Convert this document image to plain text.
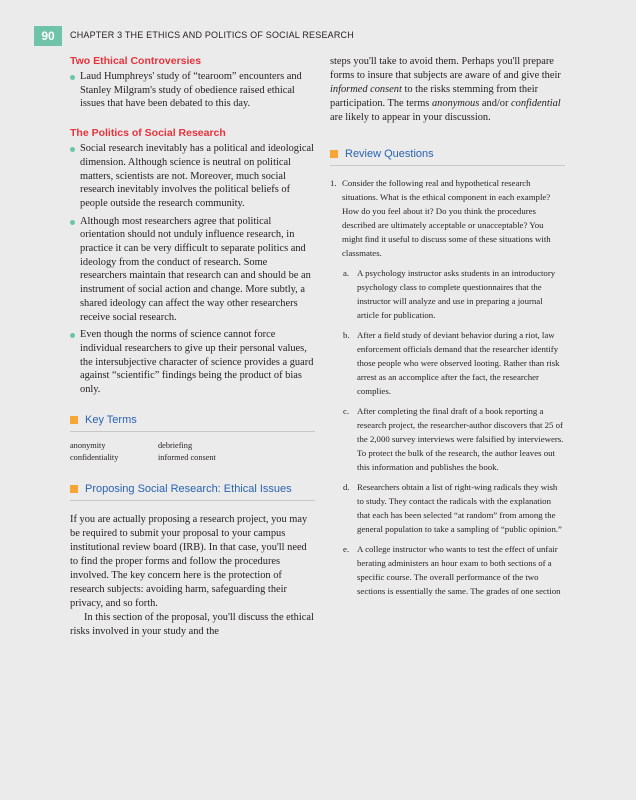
90	CHAPTER 3 THE ETHICS AND POLITICS OF SOCIAL RESEARCH

Two Ethical Controversies

Laud Humphreys' study of “tearoom” encounters and Stanley Milgram's study of obedience raised ethical issues that have been debated to this day.

The Politics of Social Research

Social research inevitably has a political and ideological dimension. Although science is neutral on political matters, scientists are not. Moreover, much social research inevitably involves the political beliefs of people outside the research community.

Although most researchers agree that political orientation should not unduly influence research, in practice it can be very difficult to separate politics and ideology from the conduct of research. Some researchers maintain that research can and should be an instrument of social action and change. More subtly, a shared ideology can affect the way other researchers receive social research.

Even though the norms of science cannot force individual researchers to give up their personal values, the intersubjective character of science provides a guard against “scientific” findings being the product of bias only.

Key Terms

anonymity	debriefing
confidentiality	informed consent

Proposing Social Research: Ethical Issues

If you are actually proposing a research project, you may be required to submit your proposal to your campus institutional review board (IRB). In that case, you'll need to find the proper forms and follow the procedures involved. The key concern here is the protection of research subjects: avoiding harm, safeguarding their privacy, and so forth.

In this section of the proposal, you'll discuss the ethical risks involved in your study and the

steps you'll take to avoid them. Perhaps you'll prepare forms to insure that subjects are aware of and give their informed consent to the risks stemming from their participation. The terms anonymous and/or confidential are likely to appear in your discussion.

Review Questions

1. Consider the following real and hypothetical research situations. What is the ethical component in each example? How do you feel about it? Do you think the procedures described are ultimately acceptable or unacceptable? You might find it useful to discuss some of these situations with classmates.

a. A psychology instructor asks students in an introductory psychology class to complete questionnaires that the instructor will analyze and use in preparing a journal article for publication.

b. After a field study of deviant behavior during a riot, law enforcement officials demand that the researcher identify those people who were observed looting. Rather than risk arrest as an accomplice after the fact, the researcher complies.

c. After completing the final draft of a book reporting a research project, the researcher-author discovers that 25 of the 2,000 survey interviews were falsified by interviewers. To protect the bulk of the research, the author leaves out this information and publishes the book.

d. Researchers obtain a list of right-wing radicals they wish to study. They contact the radicals with the explanation that each has been selected “at random” from among the general population to take a sampling of “public opinion.”

e. A college instructor who wants to test the effect of unfair berating administers an hour exam to both sections of a specific course. The overall performance of the two sections is essentially the same. The grades of one section
